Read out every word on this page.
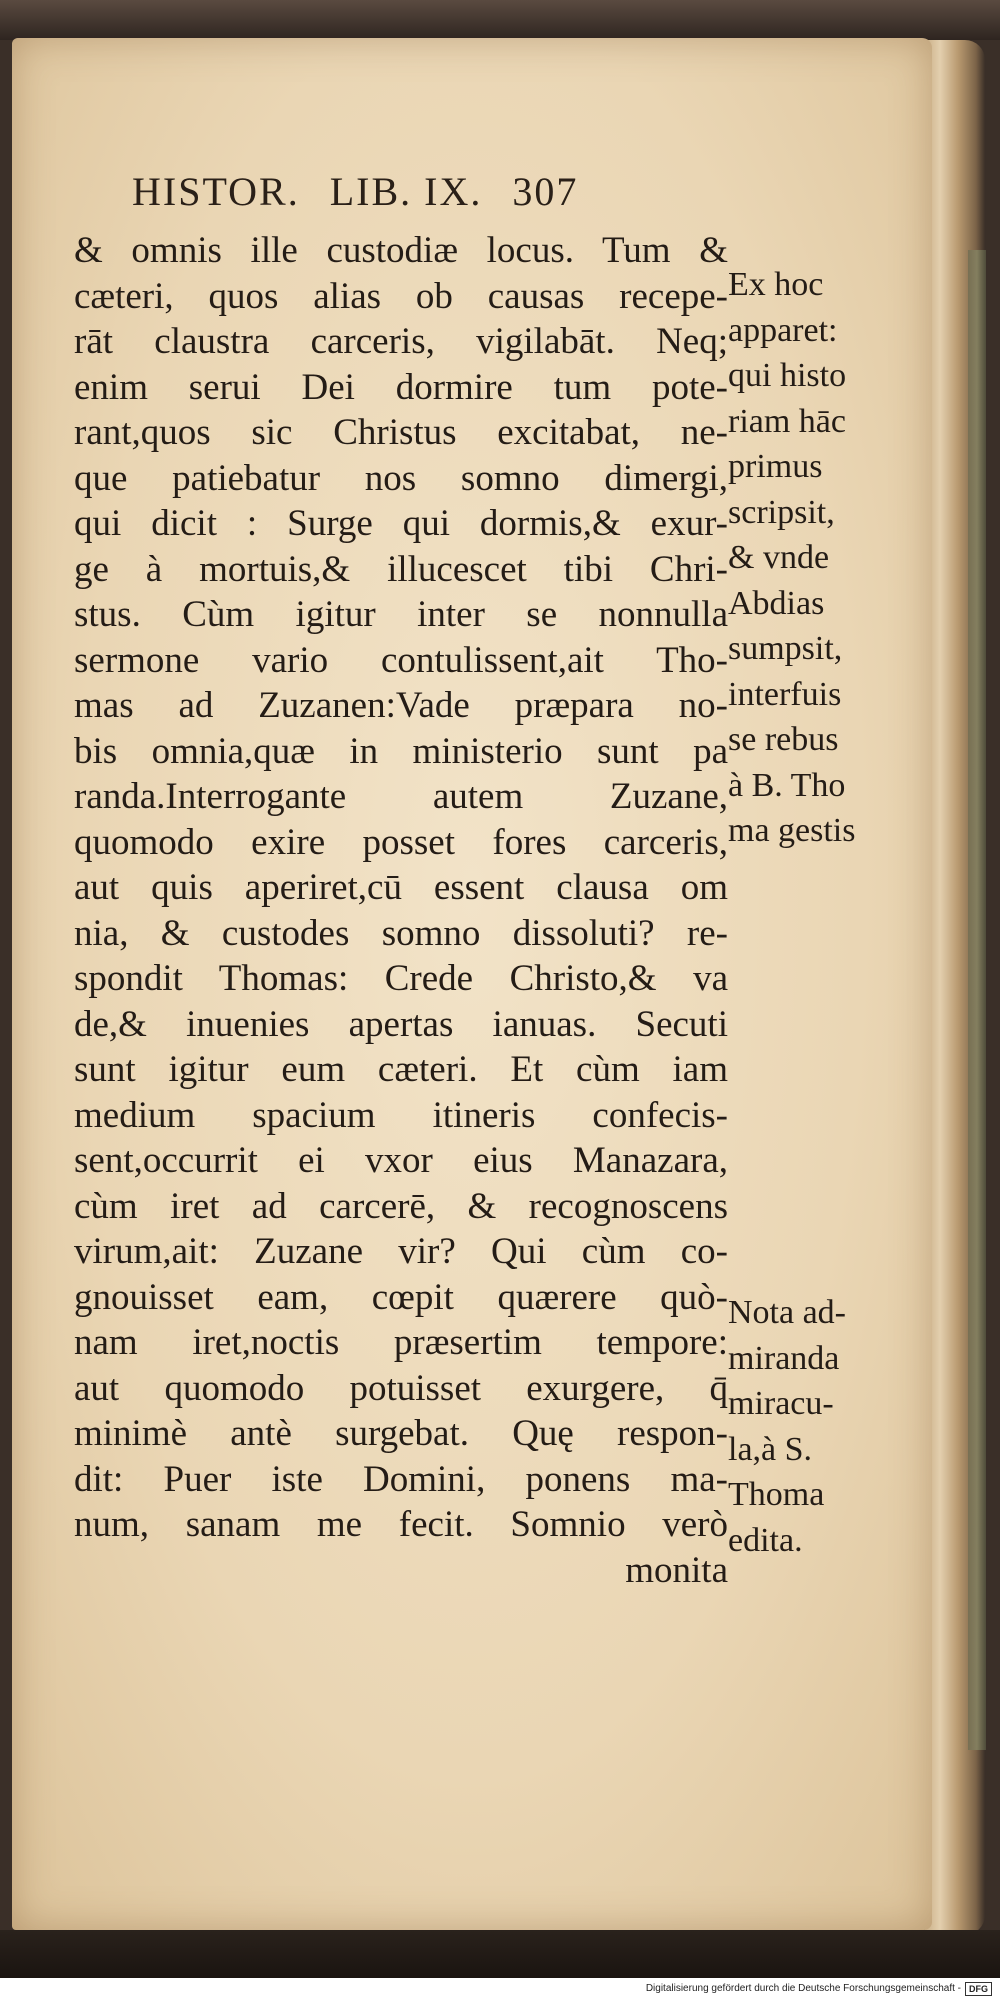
HISTOR. LIB. IX. 307
& omnis ille custodiæ locus. Tum &
cæteri, quos alias ob causas recepe-
rāt claustra carceris, vigilabāt. Neq;
enim serui Dei dormire tum pote-
rant,quos sic Christus excitabat, ne-
que patiebatur nos somno dimergi,
qui dicit : Surge qui dormis,& exur-
ge à mortuis,& illucescet tibi Chri-
stus. Cùm igitur inter se nonnulla
sermone vario contulissent,ait Tho-
mas ad Zuzanen:Vade præpara no-
bis omnia,quæ in ministerio sunt pa
randa.Interrogante autem Zuzane,
quomodo exire posset fores carceris,
aut quis aperiret,cū essent clausa om
nia, & custodes somno dissoluti? re-
spondit Thomas: Crede Christo,& va
de,& inuenies apertas ianuas. Secuti
sunt igitur eum cæteri. Et cùm iam
medium spacium itineris confecis-
sent,occurrit ei vxor eius Manazara,
cùm iret ad carcerē, & recognoscens
virum,ait: Zuzane vir? Qui cùm co-
gnouisset eam, cœpit quærere quò-
nam iret,noctis præsertim tempore:
aut quomodo potuisset exurgere, q̄
minimè antè surgebat. Quę respon-
dit: Puer iste Domini, ponens ma-
num, sanam me fecit. Somnio verò
monita
Ex hoc
apparet:
qui histo
riam hāc
primus
scripsit,
& vnde
Abdias
sumpsit,
interfuis
se rebus
à B. Tho
ma gestis
Nota ad-
miranda
miracu-
la,à S.
Thoma
edita.
Digitalisierung gefördert durch die Deutsche Forschungsgemeinschaft - DFG
